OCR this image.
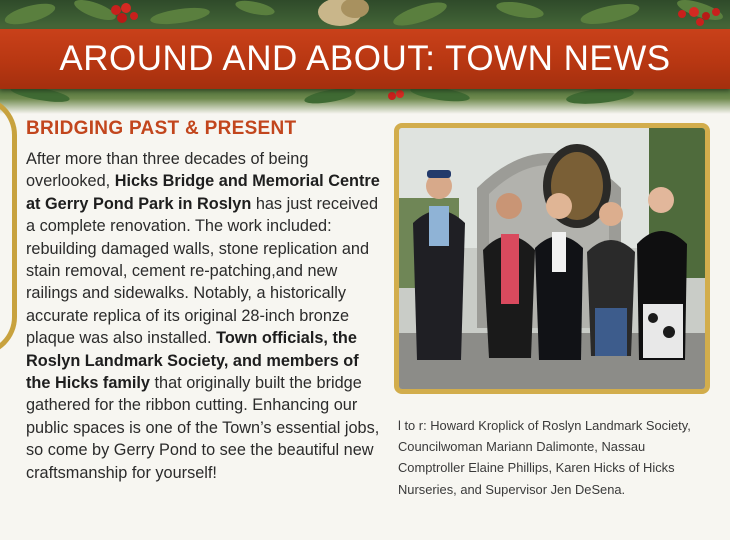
AROUND AND ABOUT: TOWN NEWS
BRIDGING PAST & PRESENT

After more than three decades of being overlooked, Hicks Bridge and Memorial Centre at Gerry Pond Park in Roslyn has just received a complete renovation. The work included: rebuilding damaged walls, stone replication and stain removal, cement re-patching,and new railings and sidewalks. Notably, a historically accurate replica of its original 28-inch bronze plaque was also installed. Town officials, the Roslyn Landmark Society, and members of the Hicks family that originally built the bridge gathered for the ribbon cutting. Enhancing our public spaces is one of the Town’s essential jobs, so come by Gerry Pond to see the beautiful new craftsmanship for yourself!

l to r: Howard Kroplick of Roslyn Landmark Society, Councilwoman Mariann Dalimonte, Nassau Comptroller Elaine Phillips, Karen Hicks of Hicks Nurseries, and Supervisor Jen DeSena.
